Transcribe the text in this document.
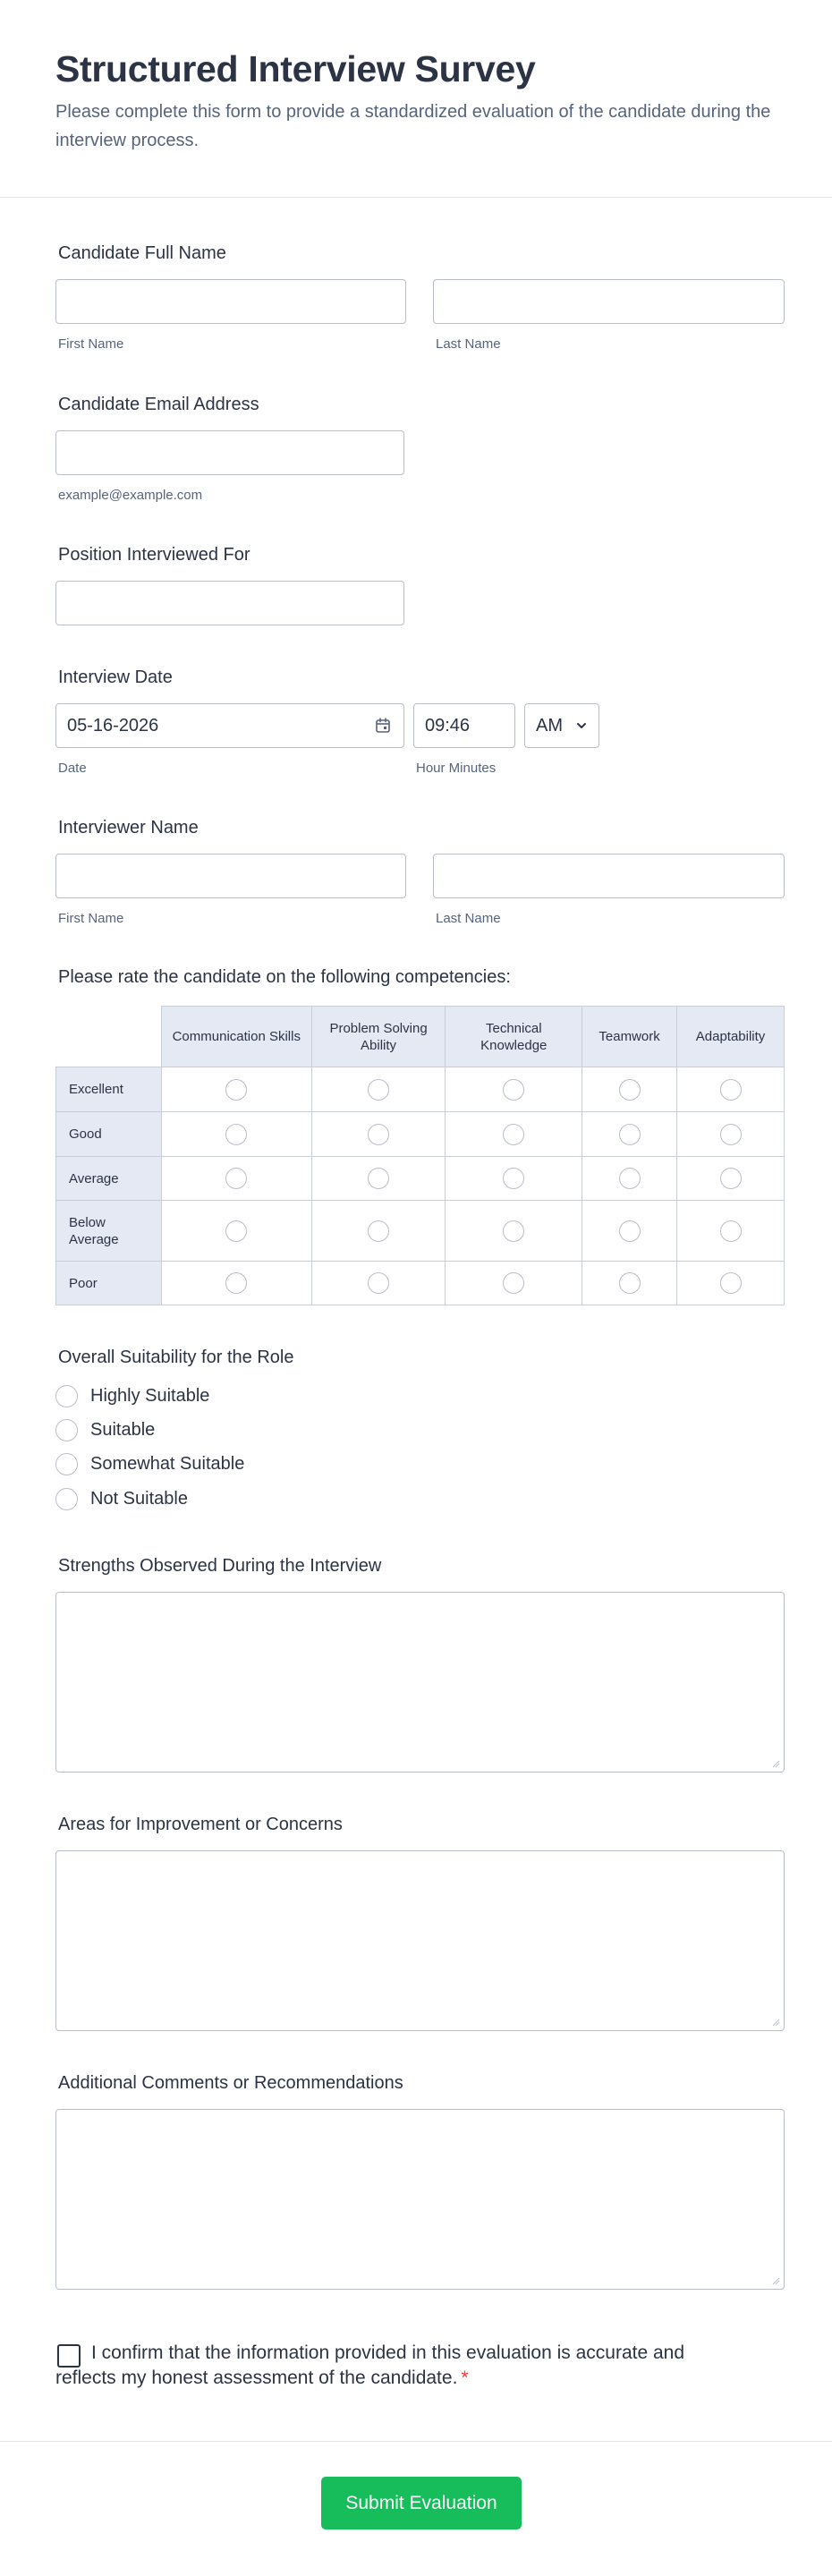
Structured Interview Survey

Please complete this form to provide a standardized evaluation of the candidate during the interview process.

Candidate Full Name
First Name	Last Name
Candidate Email Address
example@example.com
Position Interviewed For
Interview Date
05-16-2026	09:46	AM
Date	Hour Minutes
Interviewer Name
First Name	Last Name
Please rate the candidate on the following competencies:
	Communication Skills	Problem Solving Ability	Technical Knowledge	Teamwork	Adaptability
Excellent					
Good					
Average					
Below Average					
Poor					
Overall Suitability for the Role
Highly Suitable
Suitable
Somewhat Suitable
Not Suitable
Strengths Observed During the Interview
Areas for Improvement or Concerns
Additional Comments or Recommendations
I confirm that the information provided in this evaluation is accurate and reflects my honest assessment of the candidate. *
Submit Evaluation
